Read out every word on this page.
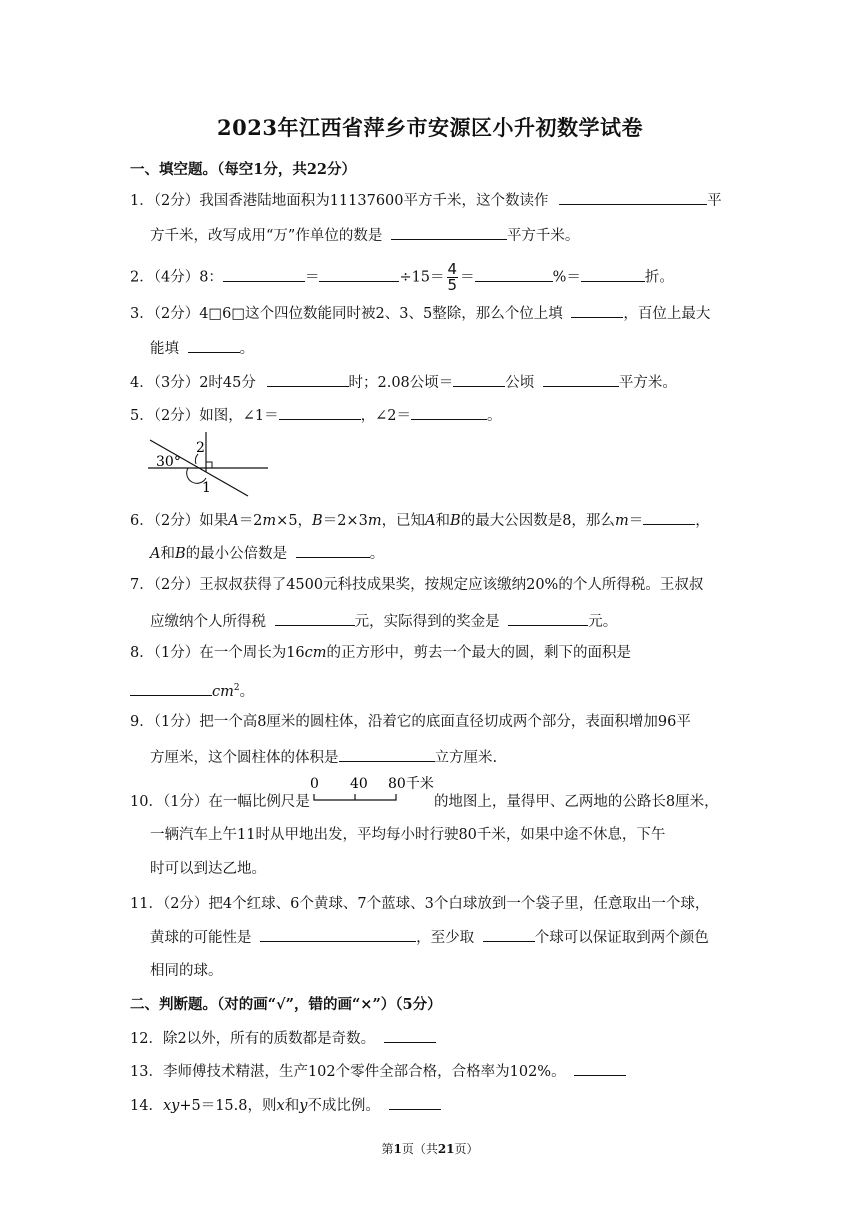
2023年江西省萍乡市安源区小升初数学试卷
一、填空题。（每空1分，共22分）
1．（2分）我国香港陆地面积为11137600平方千米，这个数读作	平
方千米，改写成用“万”作单位的数是	平方千米。
2．（4分）8：	＝	$\div 15= \frac{4}{5}$ ＝	%＝	折。
3．（2分）4□6□这个四位数能同时被2、3、5整除，那么个位上填	，百位上最大
能填	。
4．（3分）2时45分	时；2.08公顷＝	公顷	平方米。
5．（2分）如图，∠1＝	，∠2＝	。
30°
2
1
6．（2分）如果A＝2m×5，B＝2×3m，已知A和B的最大公因数是8，那么m＝	，
A和B的最小公倍数是	。
7．（2分）王叔叔获得了4500元科技成果奖，按规定应该缴纳20%的个人所得税。王叔叔
应缴纳个人所得税	元，实际得到的奖金是	元。
8．（1分）在一个周长为16cm的正方形中，剪去一个最大的圆，剩下的面积是
$cm^2$。
9．（1分）把一个高8厘米的圆柱体，沿着它的底面直径切成两个部分，表面积增加96平
方厘米，这个圆柱体的体积是	立方厘米.
10．（1分）在一幅比例尺是	的地图上，量得甲、乙两地的公路长8厘米，
0 40 80千米
一辆汽车上午11时从甲地出发，平均每小时行驶80千米，如果中途不休息，下午
时可以到达乙地。
11．（2分）把4个红球、6个黄球、7个蓝球、3个白球放到一个袋子里，任意取出一个球，
黄球的可能性是	，至少取	个球可以保证取到两个颜色
相同的球。
二、判断题。（对的画“√”，错的画“×”）（5分）
12．除2以外，所有的质数都是奇数。
13．李师傅技术精湛，生产102个零件全部合格，合格率为102%。
14．xy+5＝15.8，则x和y不成比例。
第1页（共21页）
